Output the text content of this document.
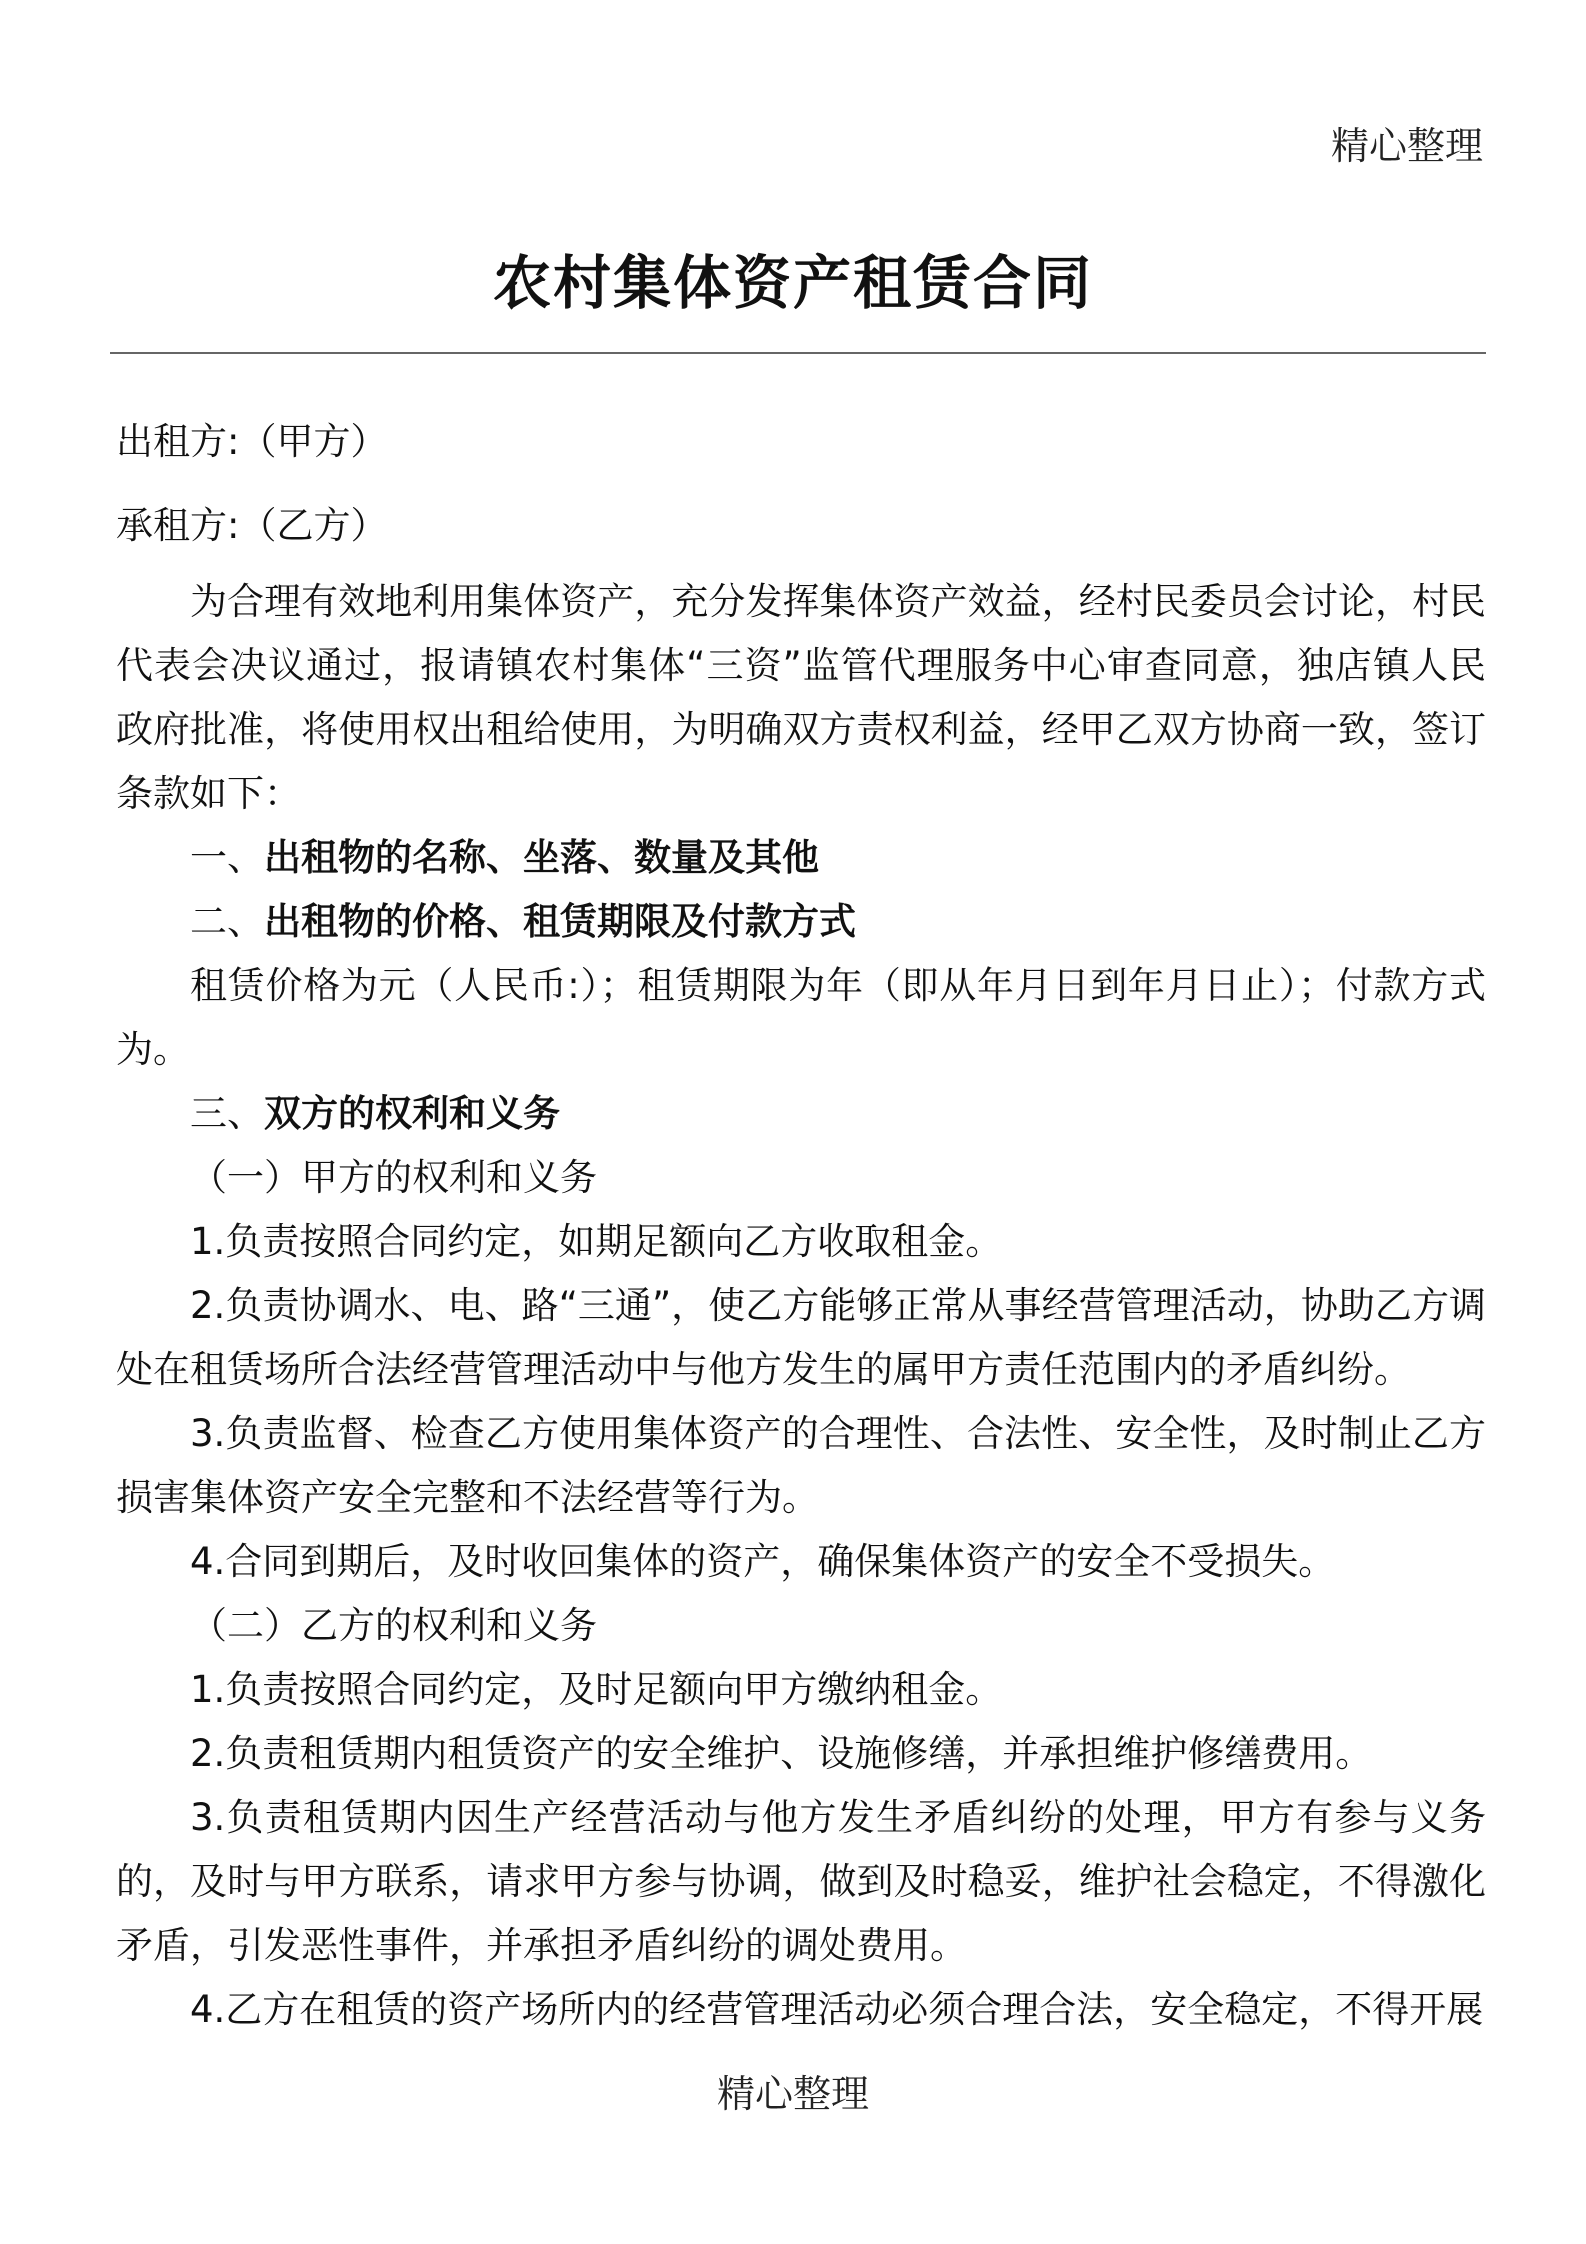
精心整理
农村集体资产租赁合同

出租方:（甲方）

承租方:（乙方）

为合理有效地利用集体资产，充分发挥集体资产效益，经村民委员会讨论，村民代表会决议通过，报请镇农村集体“三资”监管代理服务中心审查同意，独店镇人民政府批准，将使用权出租给使用，为明确双方责权利益，经甲乙双方协商一致，签订条款如下：

一、出租物的名称、坐落、数量及其他

二、出租物的价格、租赁期限及付款方式

租赁价格为元（人民币:）；租赁期限为年（即从年月日到年月日止）；付款方式为。

三、双方的权利和义务

（一）甲方的权利和义务

1.负责按照合同约定，如期足额向乙方收取租金。

2.负责协调水、电、路“三通”，使乙方能够正常从事经营管理活动，协助乙方调处在租赁场所合法经营管理活动中与他方发生的属甲方责任范围内的矛盾纠纷。

3.负责监督、检查乙方使用集体资产的合理性、合法性、安全性，及时制止乙方损害集体资产安全完整和不法经营等行为。

4.合同到期后，及时收回集体的资产，确保集体资产的安全不受损失。

（二）乙方的权利和义务

1.负责按照合同约定，及时足额向甲方缴纳租金。

2.负责租赁期内租赁资产的安全维护、设施修缮，并承担维护修缮费用。

3.负责租赁期内因生产经营活动与他方发生矛盾纠纷的处理，甲方有参与义务的，及时与甲方联系，请求甲方参与协调，做到及时稳妥，维护社会稳定，不得激化矛盾，引发恶性事件，并承担矛盾纠纷的调处费用。

4.乙方在租赁的资产场所内的经营管理活动必须合理合法，安全稳定，不得开展

精心整理
